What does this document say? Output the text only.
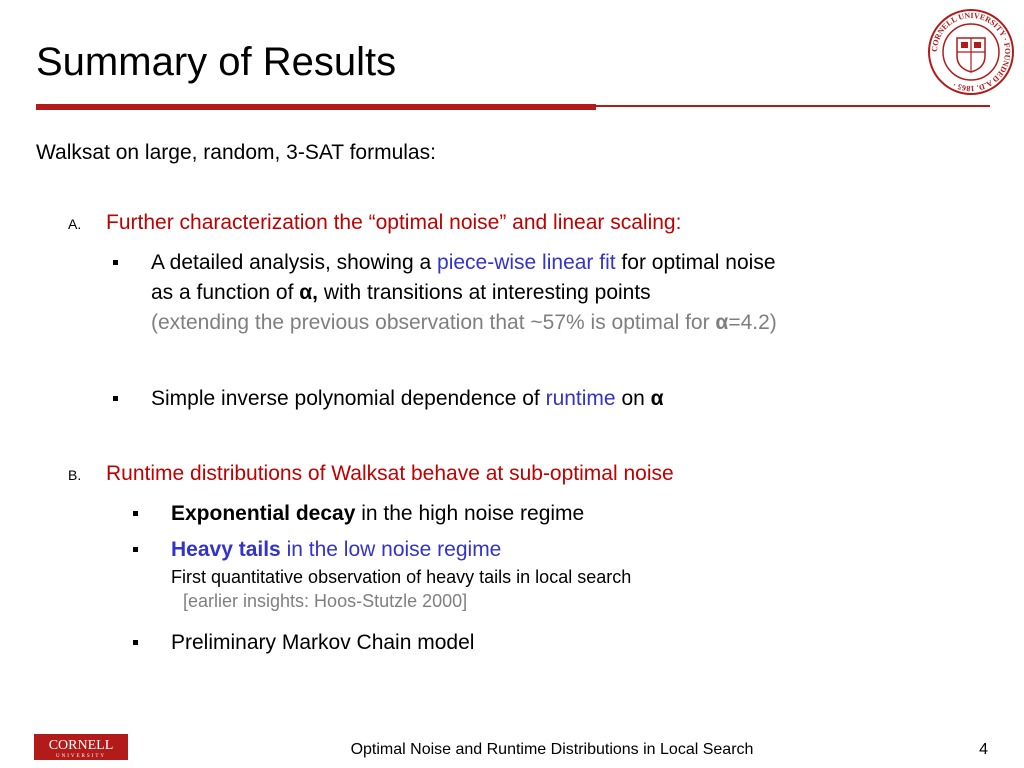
Summary of Results	CORNELL UNIVERSITY · FOUNDED A.D. 1865 ·
Walksat on large, random, 3-SAT formulas:
A. Further characterization the “optimal noise” and linear scaling:
A detailed analysis, showing a piece-wise linear fit for optimal noise
as a function of α, with transitions at interesting points
(extending the previous observation that ~57% is optimal for α=4.2)
Simple inverse polynomial dependence of runtime on α
B. Runtime distributions of Walksat behave at sub-optimal noise
Exponential decay in the high noise regime
Heavy tails in the low noise regime
First quantitative observation of heavy tails in local search
[earlier insights: Hoos-Stutzle 2000]
Preliminary Markov Chain model
CORNELL
UNIVERSITY	Optimal Noise and Runtime Distributions in Local Search	4
